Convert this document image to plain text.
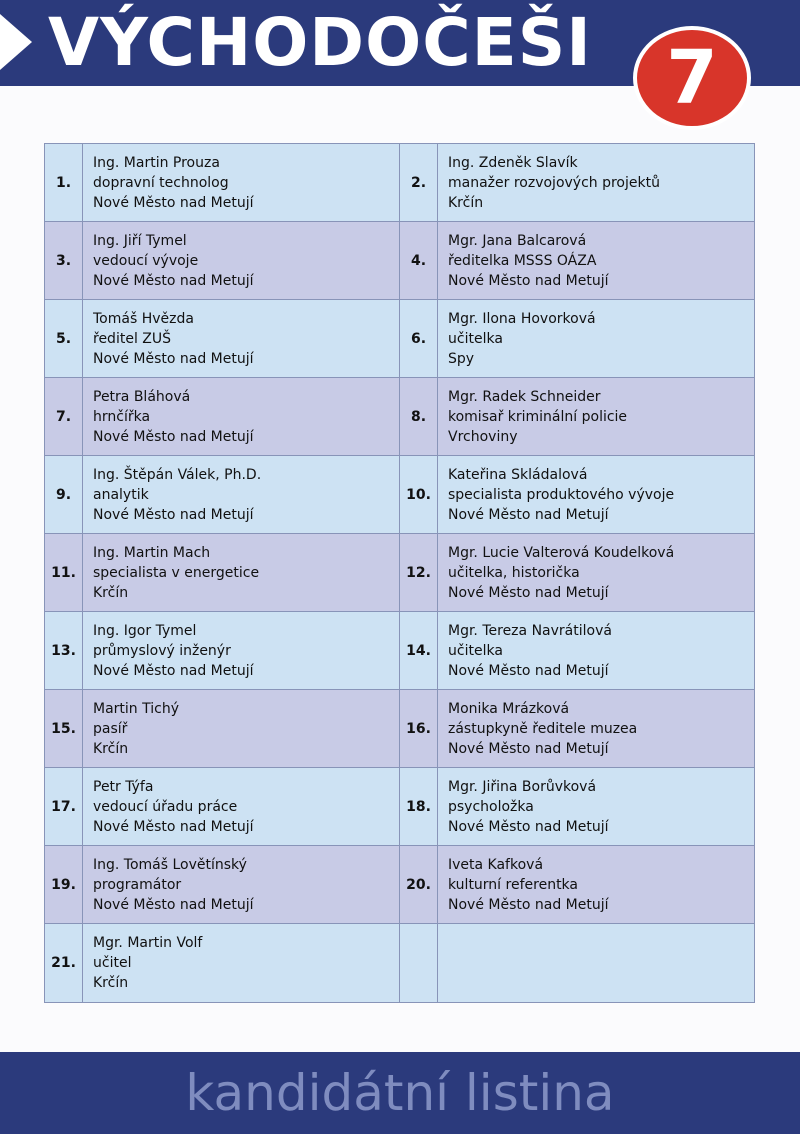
VÝCHODOČEŠI	7
1.	Ing. Martin Prouza
dopravní technolog
Nové Město nad Metují	2.	Ing. Zdeněk Slavík
manažer rozvojových projektů
Krčín

3.	Ing. Jiří Tymel
vedoucí vývoje
Nové Město nad Metují	4.	Mgr. Jana Balcarová
ředitelka MSSS OÁZA
Nové Město nad Metují

5.	Tomáš Hvězda
ředitel ZUŠ
Nové Město nad Metují	6.	Mgr. Ilona Hovorková
učitelka
Spy

7.	Petra Bláhová
hrnčířka
Nové Město nad Metují	8.	Mgr. Radek Schneider
komisař kriminální policie
Vrchoviny

9.	Ing. Štěpán Válek, Ph.D.
analytik
Nové Město nad Metují	10.	Kateřina Skládalová
specialista produktového vývoje
Nové Město nad Metují

11.	Ing. Martin Mach
specialista v energetice
Krčín	12.	Mgr. Lucie Valterová Koudelková
učitelka, historička
Nové Město nad Metují

13.	Ing. Igor Tymel
průmyslový inženýr
Nové Město nad Metují	14.	Mgr. Tereza Navrátilová
učitelka
Nové Město nad Metují

15.	Martin Tichý
pasíř
Krčín	16.	Monika Mrázková
zástupkyně ředitele muzea
Nové Město nad Metují

17.	Petr Týfa
vedoucí úřadu práce
Nové Město nad Metují	18.	Mgr. Jiřina Borůvková
psycholožka
Nové Město nad Metují

19.	Ing. Tomáš Lovětínský
programátor
Nové Město nad Metují	20.	Iveta Kafková
kulturní referentka
Nové Město nad Metují

21.	Mgr. Martin Volf
učitel
Krčín		

kandidátní listina
